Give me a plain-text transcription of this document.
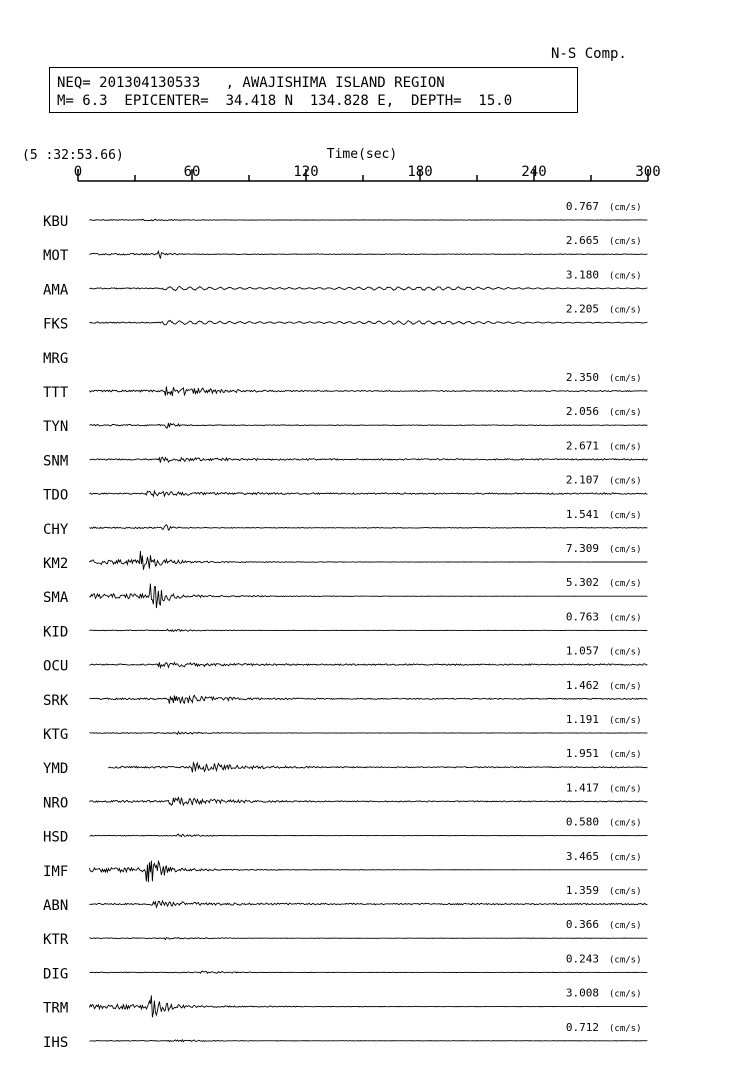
N-S Comp.
NEQ= 201304130533   , AWAJISHIMA ISLAND REGION
M= 6.3  EPICENTER=  34.418 N  134.828 E,  DEPTH=  15.0
(5 :32:53.66)	Time(sec)
0	60	120	180	240	300
KBU
0.767 (cm/s)
MOT
2.665 (cm/s)
AMA
3.180 (cm/s)
FKS
2.205 (cm/s)
MRG
TTT
2.350 (cm/s)
TYN
2.056 (cm/s)
SNM
2.671 (cm/s)
TDO
2.107 (cm/s)
CHY
1.541 (cm/s)
KM2
7.309 (cm/s)
SMA
5.302 (cm/s)
KID
0.763 (cm/s)
OCU
1.057 (cm/s)
SRK
1.462 (cm/s)
KTG
1.191 (cm/s)
YMD
1.951 (cm/s)
NRO
1.417 (cm/s)
HSD
0.580 (cm/s)
IMF
3.465 (cm/s)
ABN
1.359 (cm/s)
KTR
0.366 (cm/s)
DIG
0.243 (cm/s)
TRM
3.008 (cm/s)
IHS
0.712 (cm/s)
